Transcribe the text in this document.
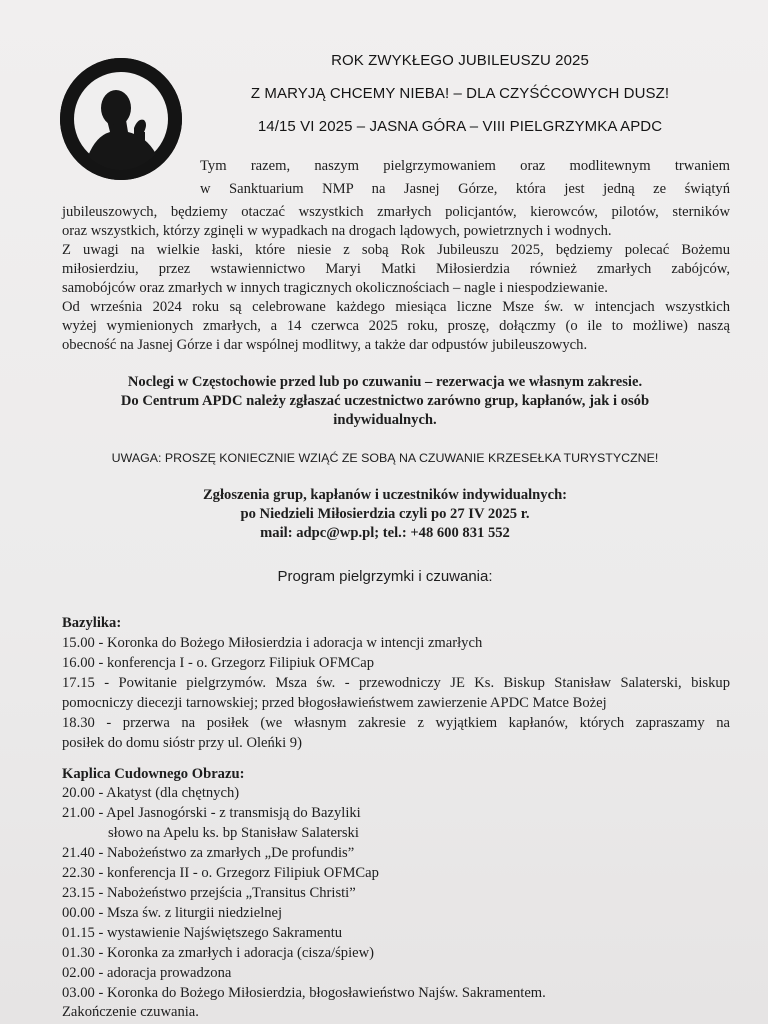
ROK ZWYKŁEGO JUBILEUSZU 2025
Z MARYJĄ CHCEMY NIEBA! – DLA CZYŚĆCOWYCH DUSZ!
14/15 VI 2025 – JASNA GÓRA – VIII PIELGRZYMKA APDC

Tym razem, naszym pielgrzymowaniem oraz modlitewnym trwaniem

w Sanktuarium NMP na Jasnej Górze, która jest jedną ze świątyń

jubileuszowych, będziemy otaczać wszystkich zmarłych policjantów, kierowców, pilotów, sterników

oraz wszystkich, którzy zginęli w wypadkach na drogach lądowych, powietrznych i wodnych.

Z uwagi na wielkie łaski, które niesie z sobą Rok Jubileuszu 2025, będziemy polecać Bożemu

miłosierdziu, przez wstawiennictwo Maryi Matki Miłosierdzia również zmarłych zabójców,

samobójców oraz zmarłych w innych tragicznych okolicznościach – nagle i niespodziewanie.

Od września 2024 roku są celebrowane każdego miesiąca liczne Msze św. w intencjach wszystkich

wyżej wymienionych zmarłych, a 14 czerwca 2025 roku, proszę, dołączmy (o ile to możliwe) naszą

obecność na Jasnej Górze i dar wspólnej modlitwy, a także dar odpustów jubileuszowych.

Noclegi w Częstochowie przed lub po czuwaniu – rezerwacja we własnym zakresie.

Do Centrum APDC należy zgłaszać uczestnictwo zarówno grup, kapłanów, jak i osób

indywidualnych.

UWAGA: PROSZĘ KONIECZNIE WZIĄĆ ZE SOBĄ NA CZUWANIE KRZESEŁKA TURYSTYCZNE!

Zgłoszenia grup, kapłanów i uczestników indywidualnych:

po Niedzieli Miłosierdzia czyli po 27 IV 2025 r.

mail: adpc@wp.pl; tel.: +48 600 831 552

Program pielgrzymki i czuwania:

Bazylika:

15.00 - Koronka do Bożego Miłosierdzia i adoracja w intencji zmarłych

16.00 - konferencja I - o. Grzegorz Filipiuk OFMCap

17.15 - Powitanie pielgrzymów. Msza św. - przewodniczy JE Ks. Biskup Stanisław Salaterski, biskup

pomocniczy diecezji tarnowskiej; przed błogosławieństwem zawierzenie APDC Matce Bożej

18.30 - przerwa na posiłek (we własnym zakresie z wyjątkiem kapłanów, których zapraszamy na

posiłek do domu sióstr przy ul. Oleńki 9)

Kaplica Cudownego Obrazu:

20.00 - Akatyst (dla chętnych)

21.00 - Apel Jasnogórski - z transmisją do Bazyliki

słowo na Apelu ks. bp Stanisław Salaterski

21.40 - Nabożeństwo za zmarłych „De profundis”

22.30 - konferencja II - o. Grzegorz Filipiuk OFMCap

23.15 - Nabożeństwo przejścia „Transitus Christi”

00.00 - Msza św. z liturgii niedzielnej

01.15 - wystawienie Najświętszego Sakramentu

01.30 - Koronka za zmarłych i adoracja (cisza/śpiew)

02.00 - adoracja prowadzona

03.00 - Koronka do Bożego Miłosierdzia, błogosławieństwo Najśw. Sakramentem.

Zakończenie czuwania.
